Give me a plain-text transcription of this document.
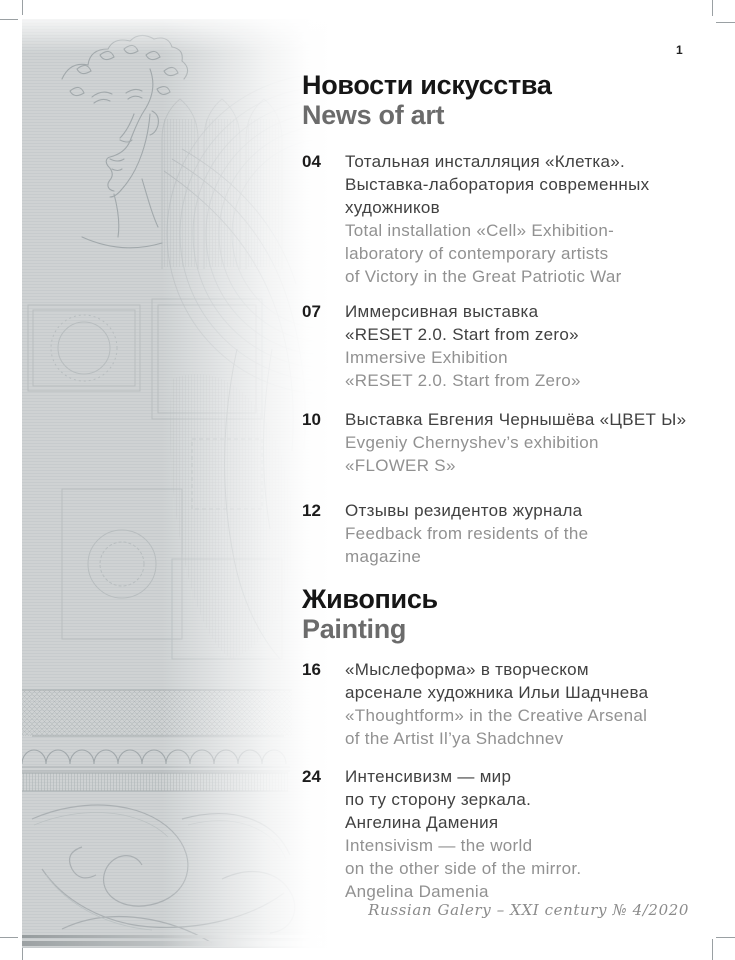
1
Новости искусства
News of art
04	Тотальная инсталляция «Клетка».
Выставка-лаборатория современных
художников
Total installation «Cell» Exhibition-
laboratory of contemporary artists
of Victory in the Great Patriotic War
07	Иммерсивная выставка
«RESET 2.0. Start from zero»
Immersive Exhibition
«RESET 2.0. Start from Zero»
10	Выставка Евгения Чернышёва «ЦВЕТ Ы»
Evgeniy Chernyshev’s exhibition
«FLOWER S»
12	Отзывы резидентов журнала
Feedback from residents of the
magazine
Живопись
Painting
16	«Мыслеформа» в творческом
арсенале художника Ильи Шадчнева
«Thoughtform» in the Creative Arsenal
of the Artist Il’ya Shadchnev
24	Интенсивизм — мир
по ту сторону зеркала.
Ангелина Дамения
Intensivism — the world
on the other side of the mirror.
Angelina Damenia
Russian Galery – XXI century № 4/2020
